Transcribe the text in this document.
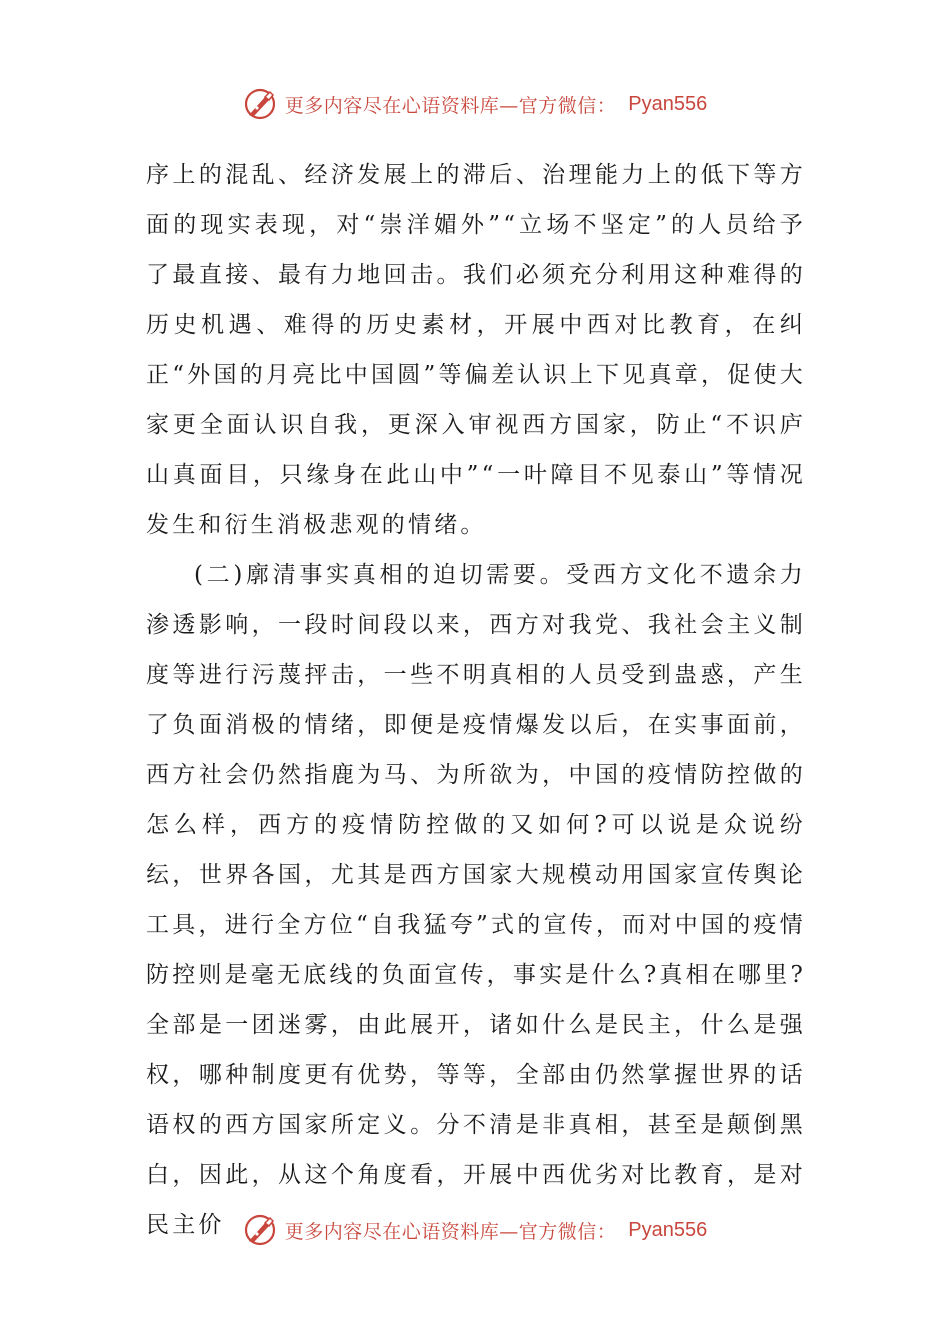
更多内容尽在心语资料库—官方微信： Pyan556

序上的混乱、经济发展上的滞后、治理能力上的低下等方面的现实表现，对“崇洋媚外”“立场不坚定”的人员给予了最直接、最有力地回击。我们必须充分利用这种难得的历史机遇、难得的历史素材，开展中西对比教育，在纠正“外国的月亮比中国圆”等偏差认识上下见真章，促使大家更全面认识自我，更深入审视西方国家，防止“不识庐山真面目，只缘身在此山中”“一叶障目不见泰山”等情况发生和衍生消极悲观的情绪。

(二)廓清事实真相的迫切需要。受西方文化不遗余力渗透影响，一段时间段以来，西方对我党、我社会主义制度等进行污蔑抨击，一些不明真相的人员受到蛊惑，产生了负面消极的情绪，即便是疫情爆发以后，在实事面前，西方社会仍然指鹿为马、为所欲为，中国的疫情防控做的怎么样，西方的疫情防控做的又如何?可以说是众说纷纭，世界各国，尤其是西方国家大规模动用国家宣传舆论工具，进行全方位“自我猛夸”式的宣传，而对中国的疫情防控则是毫无底线的负面宣传，事实是什么?真相在哪里?全部是一团迷雾，由此展开，诸如什么是民主，什么是强权，哪种制度更有优势，等等，全部由仍然掌握世界的话语权的西方国家所定义。分不清是非真相，甚至是颠倒黑白，因此，从这个角度看，开展中西优劣对比教育，是对民主价	更多内容尽在心语资料库—官方微信： Pyan556
